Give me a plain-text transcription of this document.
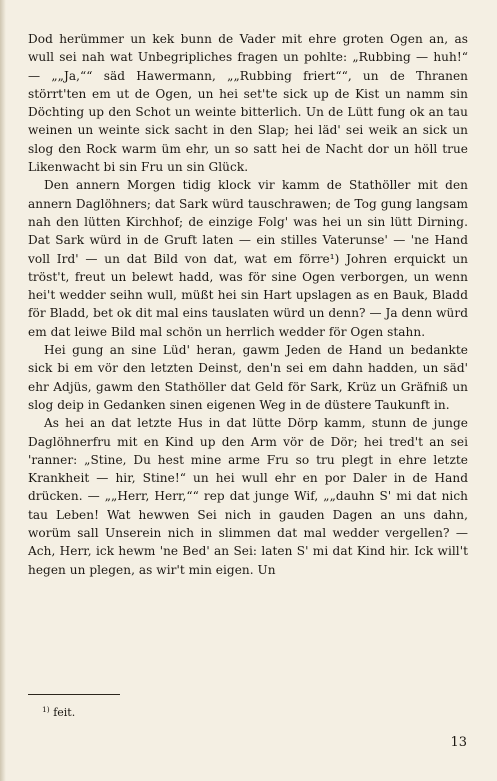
Dod herümmer un kek bunn de Vader mit ehre groten Ogen an, as wull sei nah wat Unbegripliches fragen un pohlte: „Rubbing — huh!“ — „„Ja,““ säd Hawermann, „„Rubbing friert““, un de Thranen störrt'ten em ut de Ogen, un hei set'te sick up de Kist un namm sin Döchting up den Schot un weinte bitterlich. Un de Lütt fung ok an tau weinen un weinte sick sacht in den Slap; hei läd' sei weik an sick un slog den Rock warm üm ehr, un so satt hei de Nacht dor un höll true Likenwacht bi sin Fru un sin Glück.

Den annern Morgen tidig klock vir kamm de Stathöller mit den annern Daglöhners; dat Sark würd tauschrawen; de Tog gung langsam nah den lütten Kirchhof; de einzige Folg' was hei un sin lütt Dirning. Dat Sark würd in de Gruft laten — ein stilles Vaterunse' — 'ne Hand voll Ird' — un dat Bild von dat, wat em förre¹) Johren erquickt un tröst't, freut un belewt hadd, was för sine Ogen verborgen, un wenn hei't wedder seihn wull, müßt hei sin Hart upslagen as en Bauk, Bladd för Bladd, bet ok dit mal eins tauslaten würd un denn? — Ja denn würd em dat leiwe Bild mal schön un herrlich wedder för Ogen stahn.

Hei gung an sine Lüd' heran, gawm Jeden de Hand un bedankte sick bi em vör den letzten Deinst, den'n sei em dahn hadden, un säd' ehr Adjüs, gawm den Stathöller dat Geld för Sark, Krüz un Gräfniß un slog deip in Gedanken sinen eigenen Weg in de düstere Taukunft in.

As hei an dat letzte Hus in dat lütte Dörp kamm, stunn de junge Daglöhnerfru mit en Kind up den Arm vör de Dör; hei tred't an sei 'ranner: „Stine, Du hest mine arme Fru so tru plegt in ehre letzte Krankheit — hir, Stine!“ un hei wull ehr en por Daler in de Hand drücken. — „„Herr, Herr,““ rep dat junge Wif, „„dauhn S' mi dat nich tau Leben! Wat hewwen Sei nich in gauden Dagen an uns dahn, worüm sall Unserein nich in slimmen dat mal wedder vergellen? — Ach, Herr, ick hewm 'ne Bed' an Sei: laten S' mi dat Kind hir. Ick will't hegen un plegen, as wir't min eigen. Un

$^{1)}$ feit.
13
